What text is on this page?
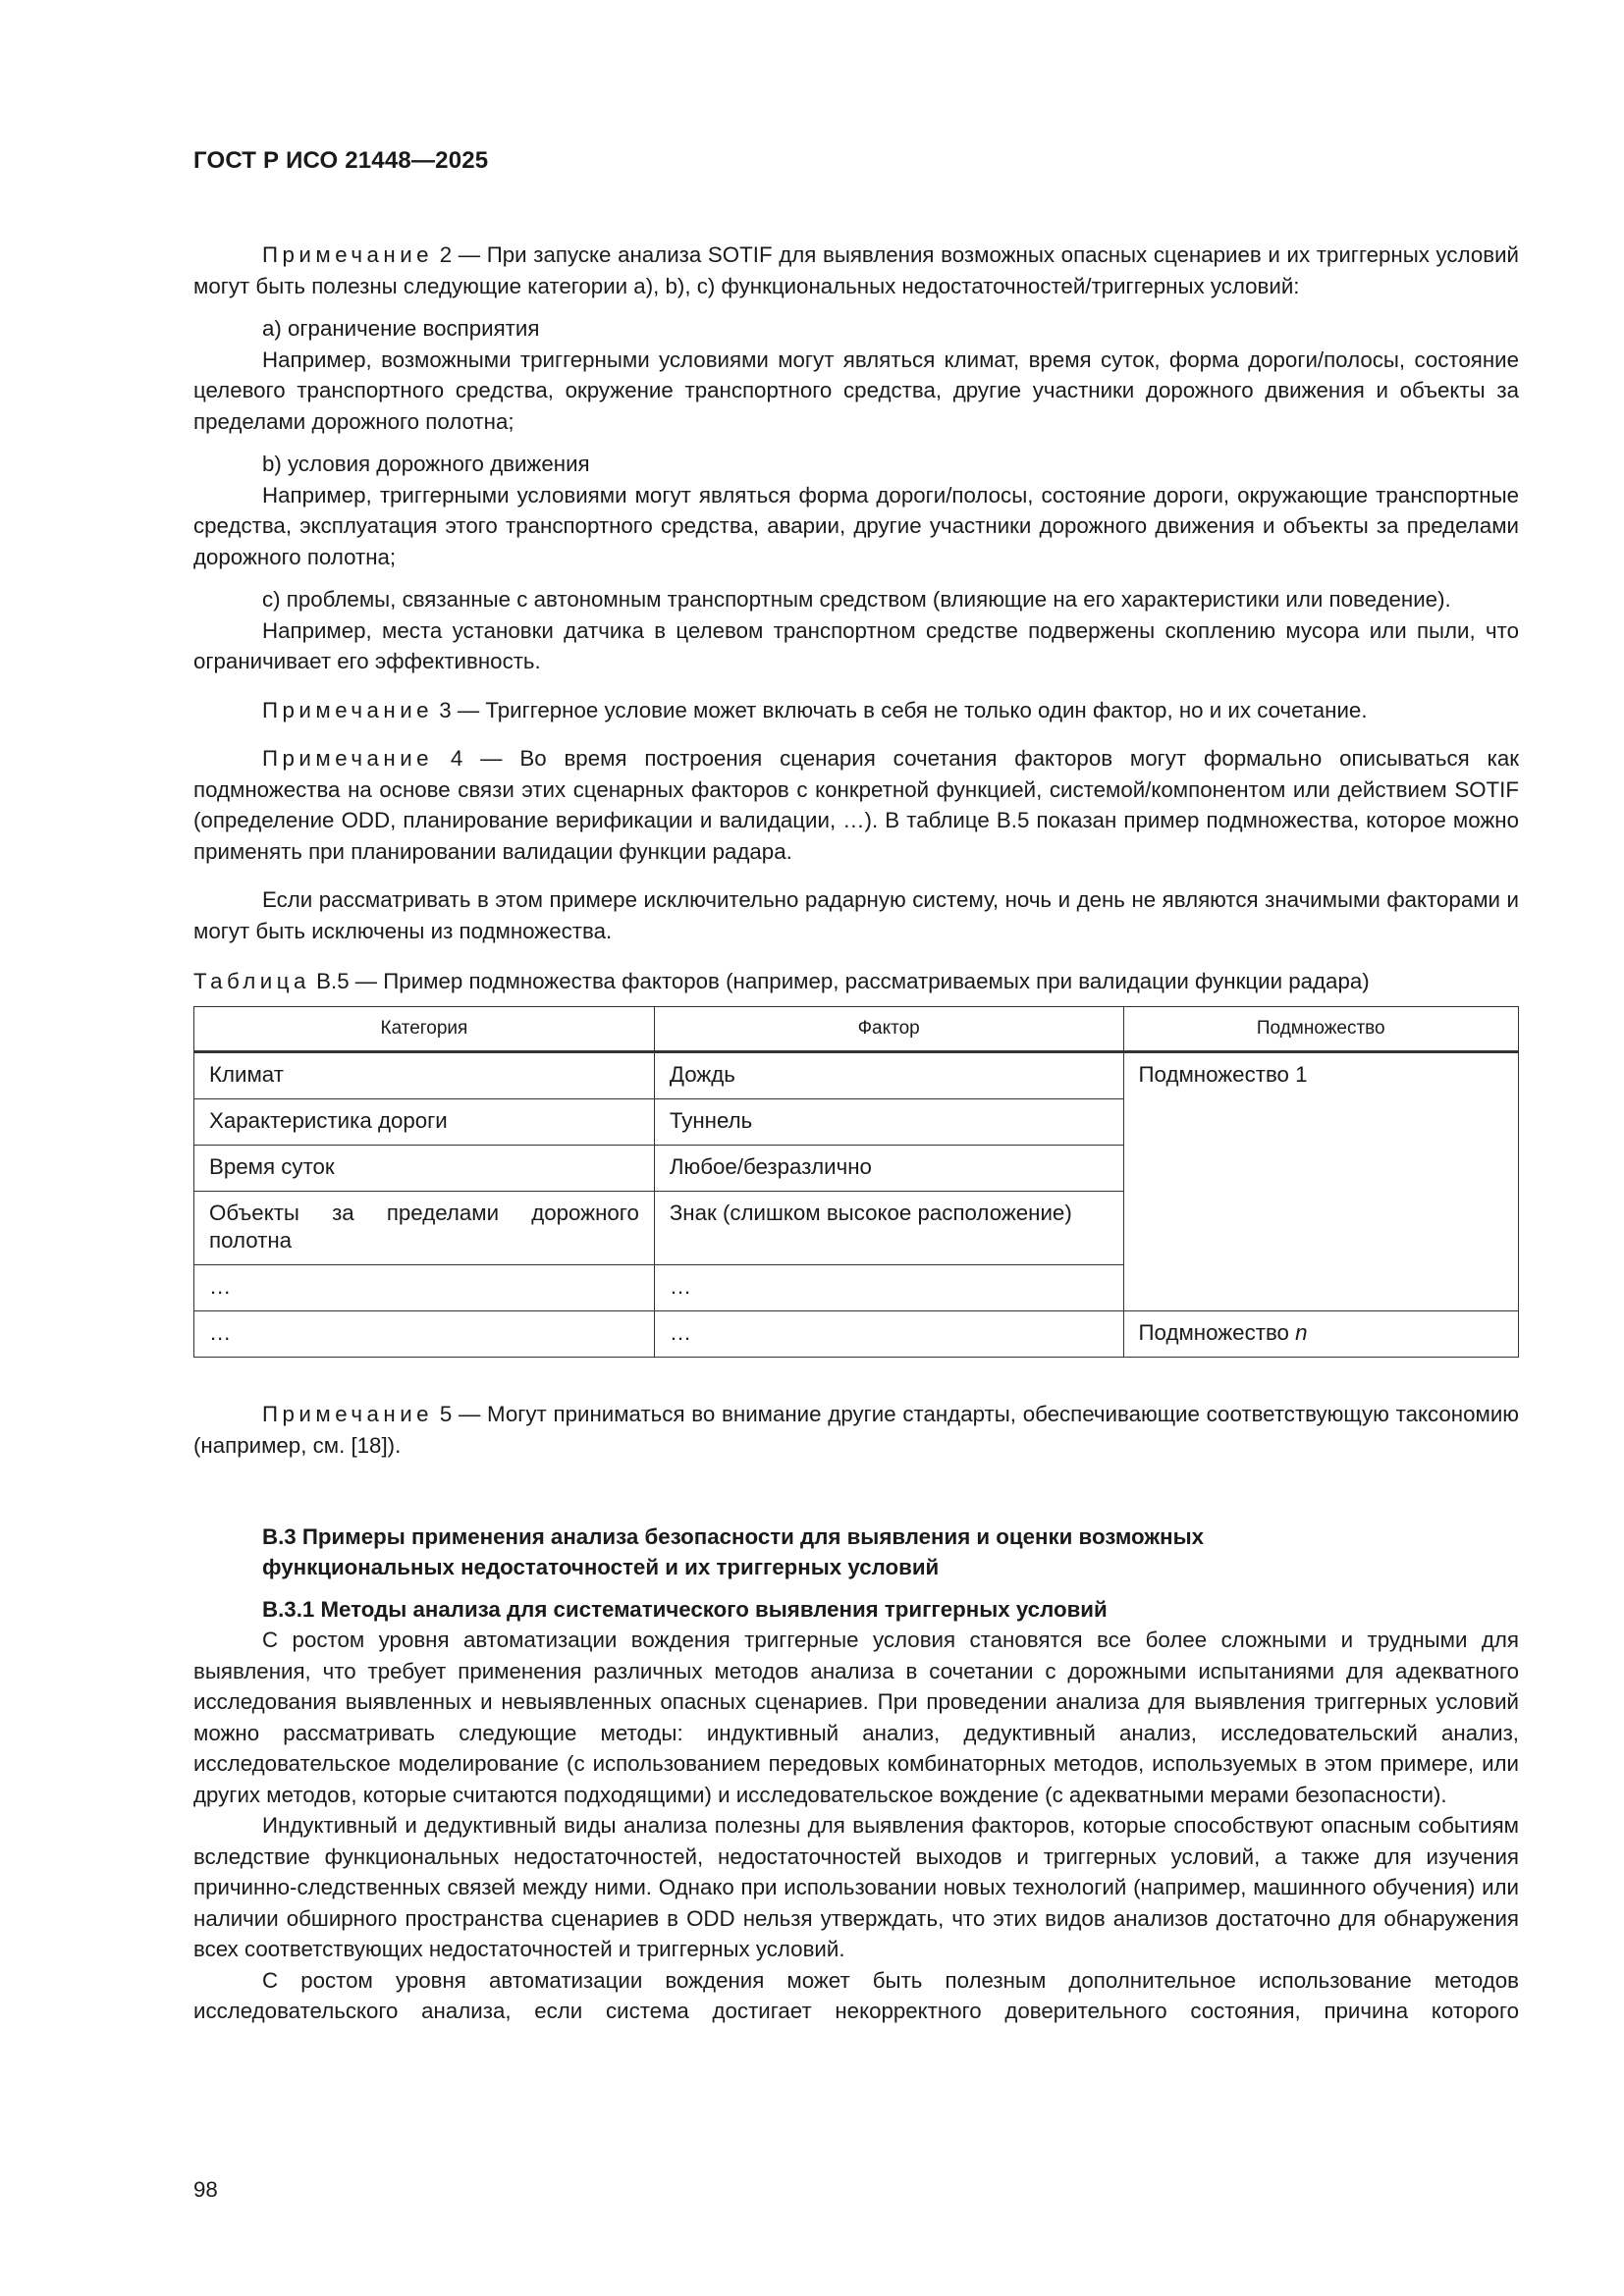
ГОСТ Р ИСО 21448—2025

Примечание 2 — При запуске анализа SOTIF для выявления возможных опасных сценариев и их триггерных условий могут быть полезны следующие категории a), b), c) функциональных недостаточностей/триггерных условий:

a) ограничение восприятия

Например, возможными триггерными условиями могут являться климат, время суток, форма дороги/полосы, состояние целевого транспортного средства, окружение транспортного средства, другие участники дорожного движения и объекты за пределами дорожного полотна;

b) условия дорожного движения

Например, триггерными условиями могут являться форма дороги/полосы, состояние дороги, окружающие транспортные средства, эксплуатация этого транспортного средства, аварии, другие участники дорожного движения и объекты за пределами дорожного полотна;

c) проблемы, связанные с автономным транспортным средством (влияющие на его характеристики или поведение).

Например, места установки датчика в целевом транспортном средстве подвержены скоплению мусора или пыли, что ограничивает его эффективность.

Примечание 3 — Триггерное условие может включать в себя не только один фактор, но и их сочетание.

Примечание 4 — Во время построения сценария сочетания факторов могут формально описываться как подмножества на основе связи этих сценарных факторов с конкретной функцией, системой/компонентом или действием SOTIF (определение ODD, планирование верификации и валидации, …). В таблице В.5 показан пример подмножества, которое можно применять при планировании валидации функции радара.

Если рассматривать в этом примере исключительно радарную систему, ночь и день не являются значимыми факторами и могут быть исключены из подмножества.

Таблица В.5 — Пример подмножества факторов (например, рассматриваемых при валидации функции радара)
Категория	Фактор	Подмножество
Климат	Дождь	Подмножество 1
Характеристика дороги	Туннель	
Время суток	Любое/безразлично	
Объекты за пределами дорожного полотна	Знак (слишком высокое расположение)	
…	…	
…	…	Подмножество n

Примечание 5 — Могут приниматься во внимание другие стандарты, обеспечивающие соответствующую таксономию (например, см. [18]).

В.3 Примеры применения анализа безопасности для выявления и оценки возможных
функциональных недостаточностей и их триггерных условий
В.3.1 Методы анализа для систематического выявления триггерных условий

С ростом уровня автоматизации вождения триггерные условия становятся все более сложными и трудными для выявления, что требует применения различных методов анализа в сочетании с дорожными испытаниями для адекватного исследования выявленных и невыявленных опасных сценариев. При проведении анализа для выявления триггерных условий можно рассматривать следующие методы: индуктивный анализ, дедуктивный анализ, исследовательский анализ, исследовательское моделирование (с использованием передовых комбинаторных методов, используемых в этом примере, или других методов, которые считаются подходящими) и исследовательское вождение (с адекватными мерами безопасности).

Индуктивный и дедуктивный виды анализа полезны для выявления факторов, которые способствуют опасным событиям вследствие функциональных недостаточностей, недостаточностей выходов и триггерных условий, а также для изучения причинно-следственных связей между ними. Однако при использовании новых технологий (например, машинного обучения) или наличии обширного пространства сценариев в ODD нельзя утверждать, что этих видов анализов достаточно для обнаружения всех соответствующих недостаточностей и триггерных условий.

С ростом уровня автоматизации вождения может быть полезным дополнительное использование методов исследовательского анализа, если система достигает некорректного доверительного состояния, причина которого

98
